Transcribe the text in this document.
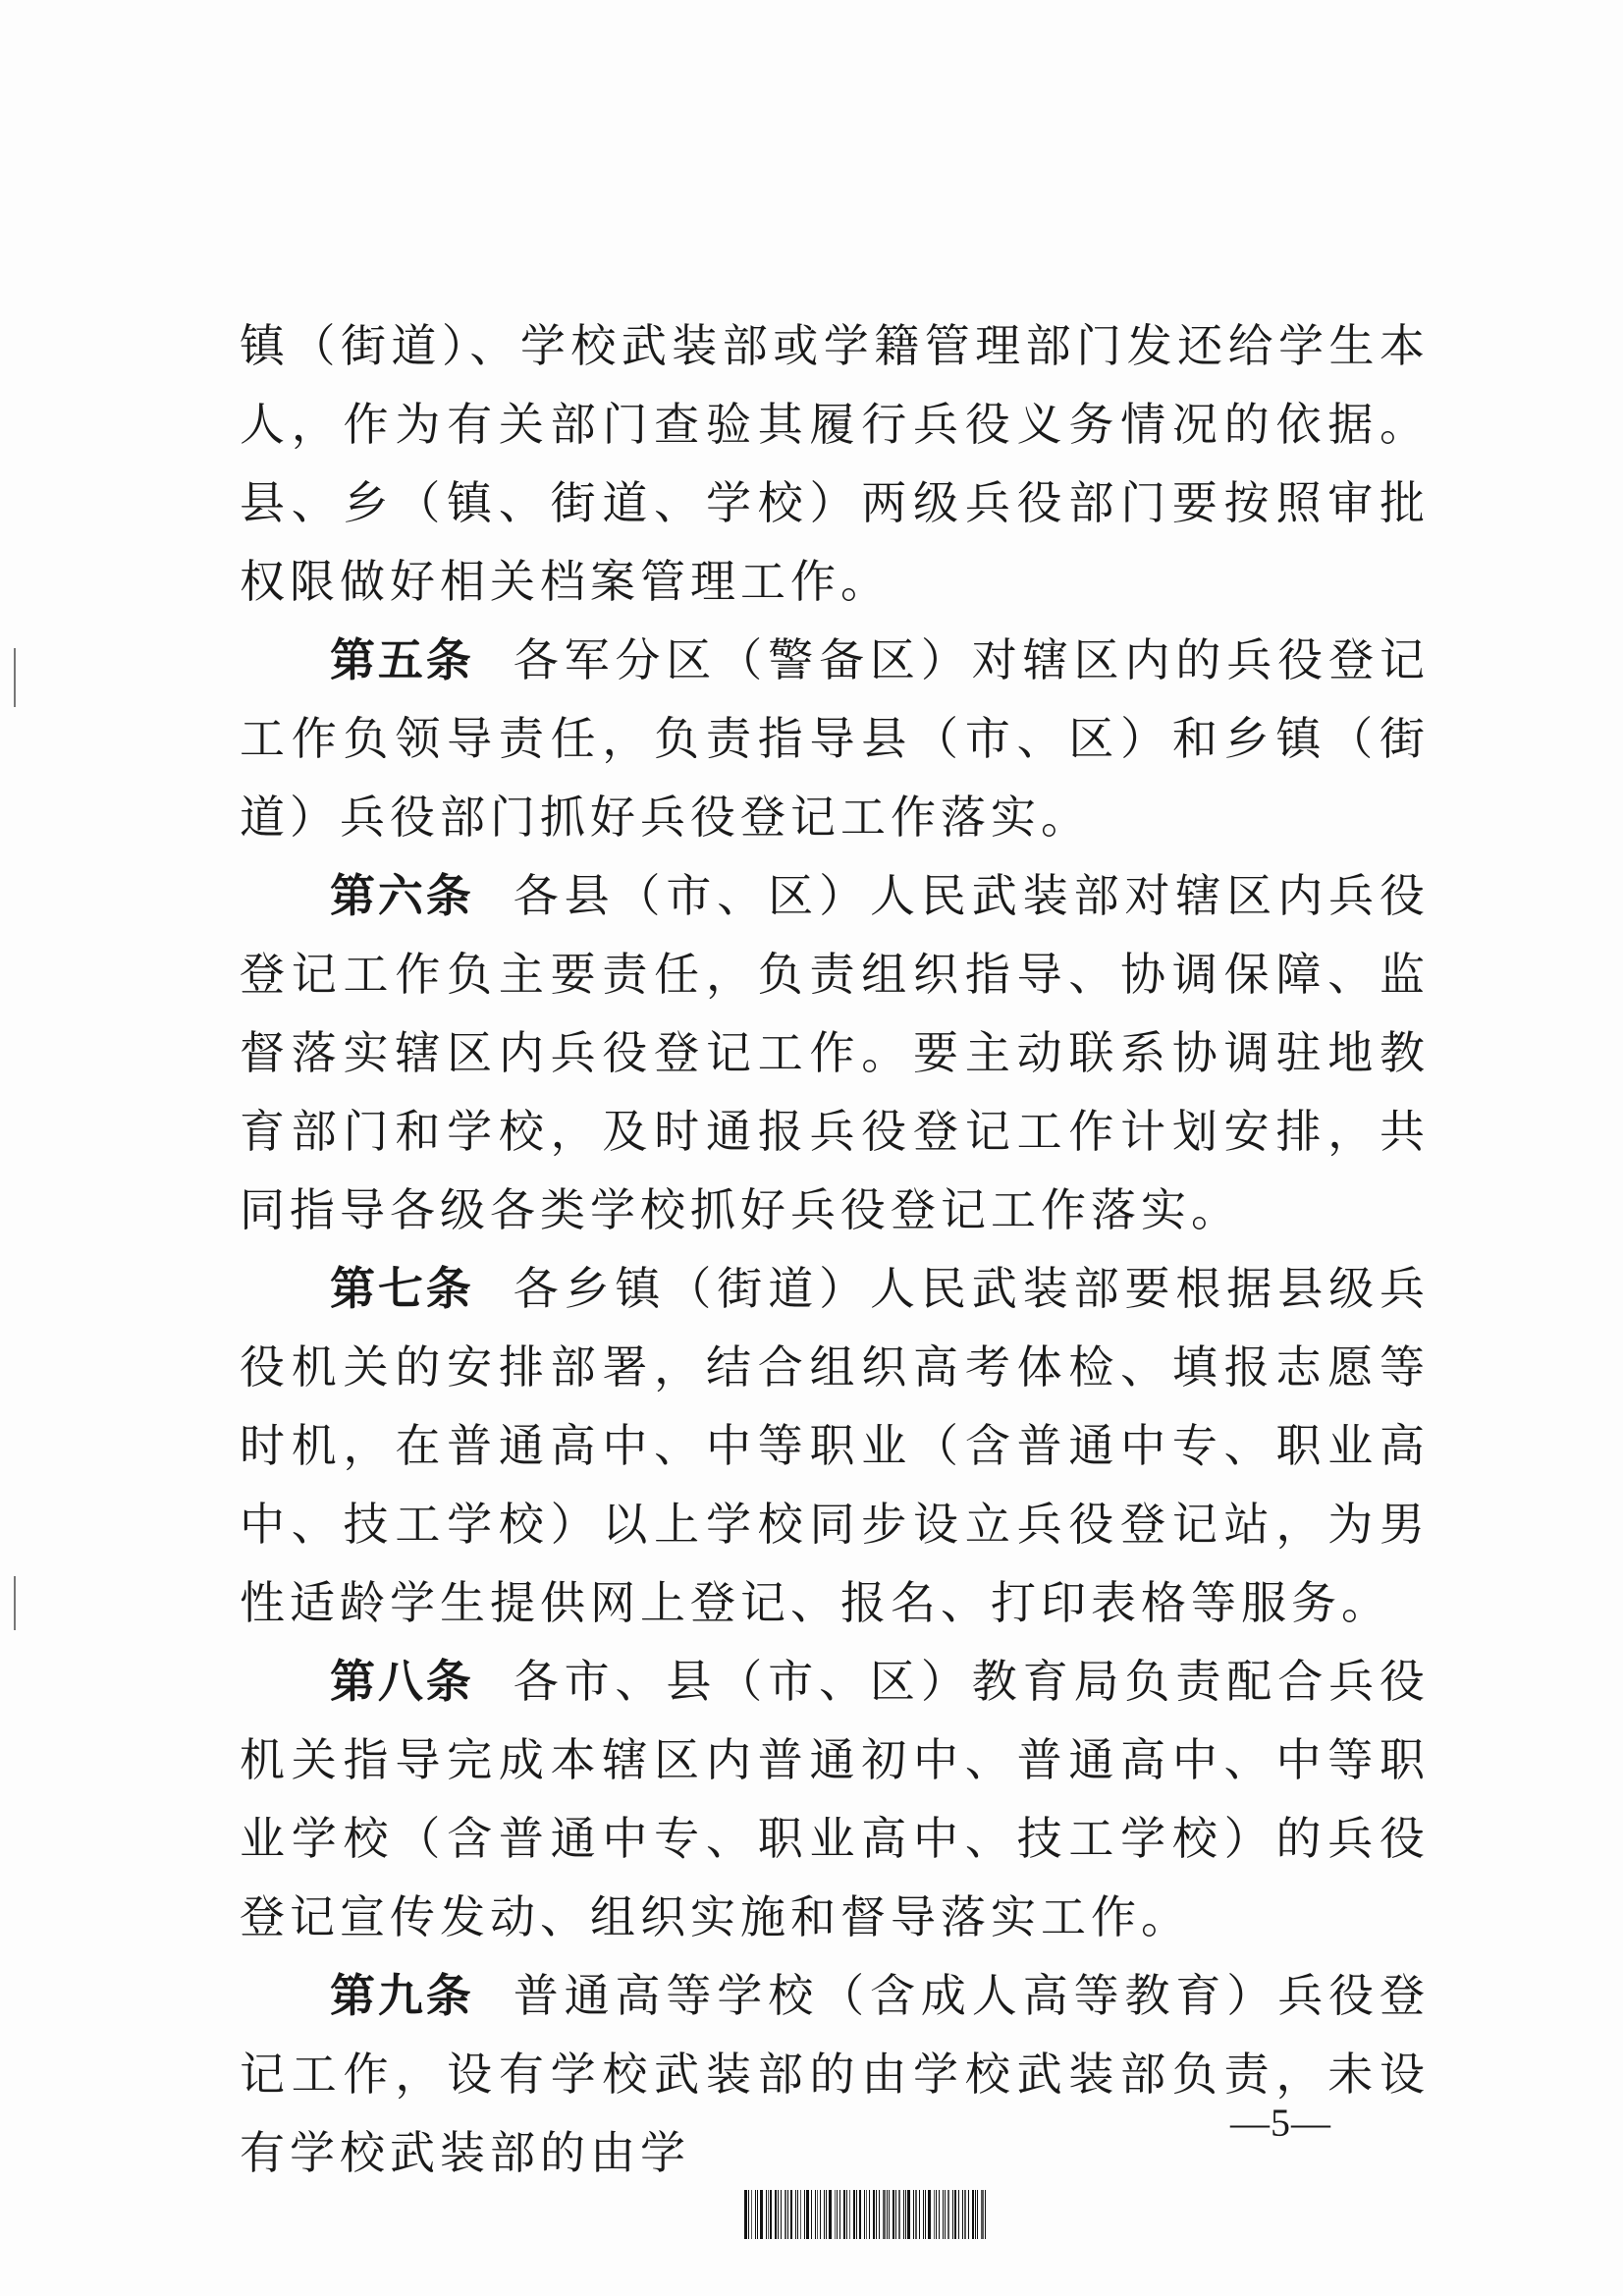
镇（街道）、学校武装部或学籍管理部门发还给学生本人，作为有关部门查验其履行兵役义务情况的依据。县、乡（镇、街道、学校）两级兵役部门要按照审批权限做好相关档案管理工作。

第五条 各军分区（警备区）对辖区内的兵役登记工作负领导责任，负责指导县（市、区）和乡镇（街道）兵役部门抓好兵役登记工作落实。

第六条 各县（市、区）人民武装部对辖区内兵役登记工作负主要责任，负责组织指导、协调保障、监督落实辖区内兵役登记工作。要主动联系协调驻地教育部门和学校，及时通报兵役登记工作计划安排，共同指导各级各类学校抓好兵役登记工作落实。

第七条 各乡镇（街道）人民武装部要根据县级兵役机关的安排部署，结合组织高考体检、填报志愿等时机，在普通高中、中等职业（含普通中专、职业高中、技工学校）以上学校同步设立兵役登记站，为男性适龄学生提供网上登记、报名、打印表格等服务。

第八条 各市、县（市、区）教育局负责配合兵役机关指导完成本辖区内普通初中、普通高中、中等职业学校（含普通中专、职业高中、技工学校）的兵役登记宣传发动、组织实施和督导落实工作。

第九条 普通高等学校（含成人高等教育）兵役登记工作，设有学校武装部的由学校武装部负责，未设有学校武装部的由学

—5—
